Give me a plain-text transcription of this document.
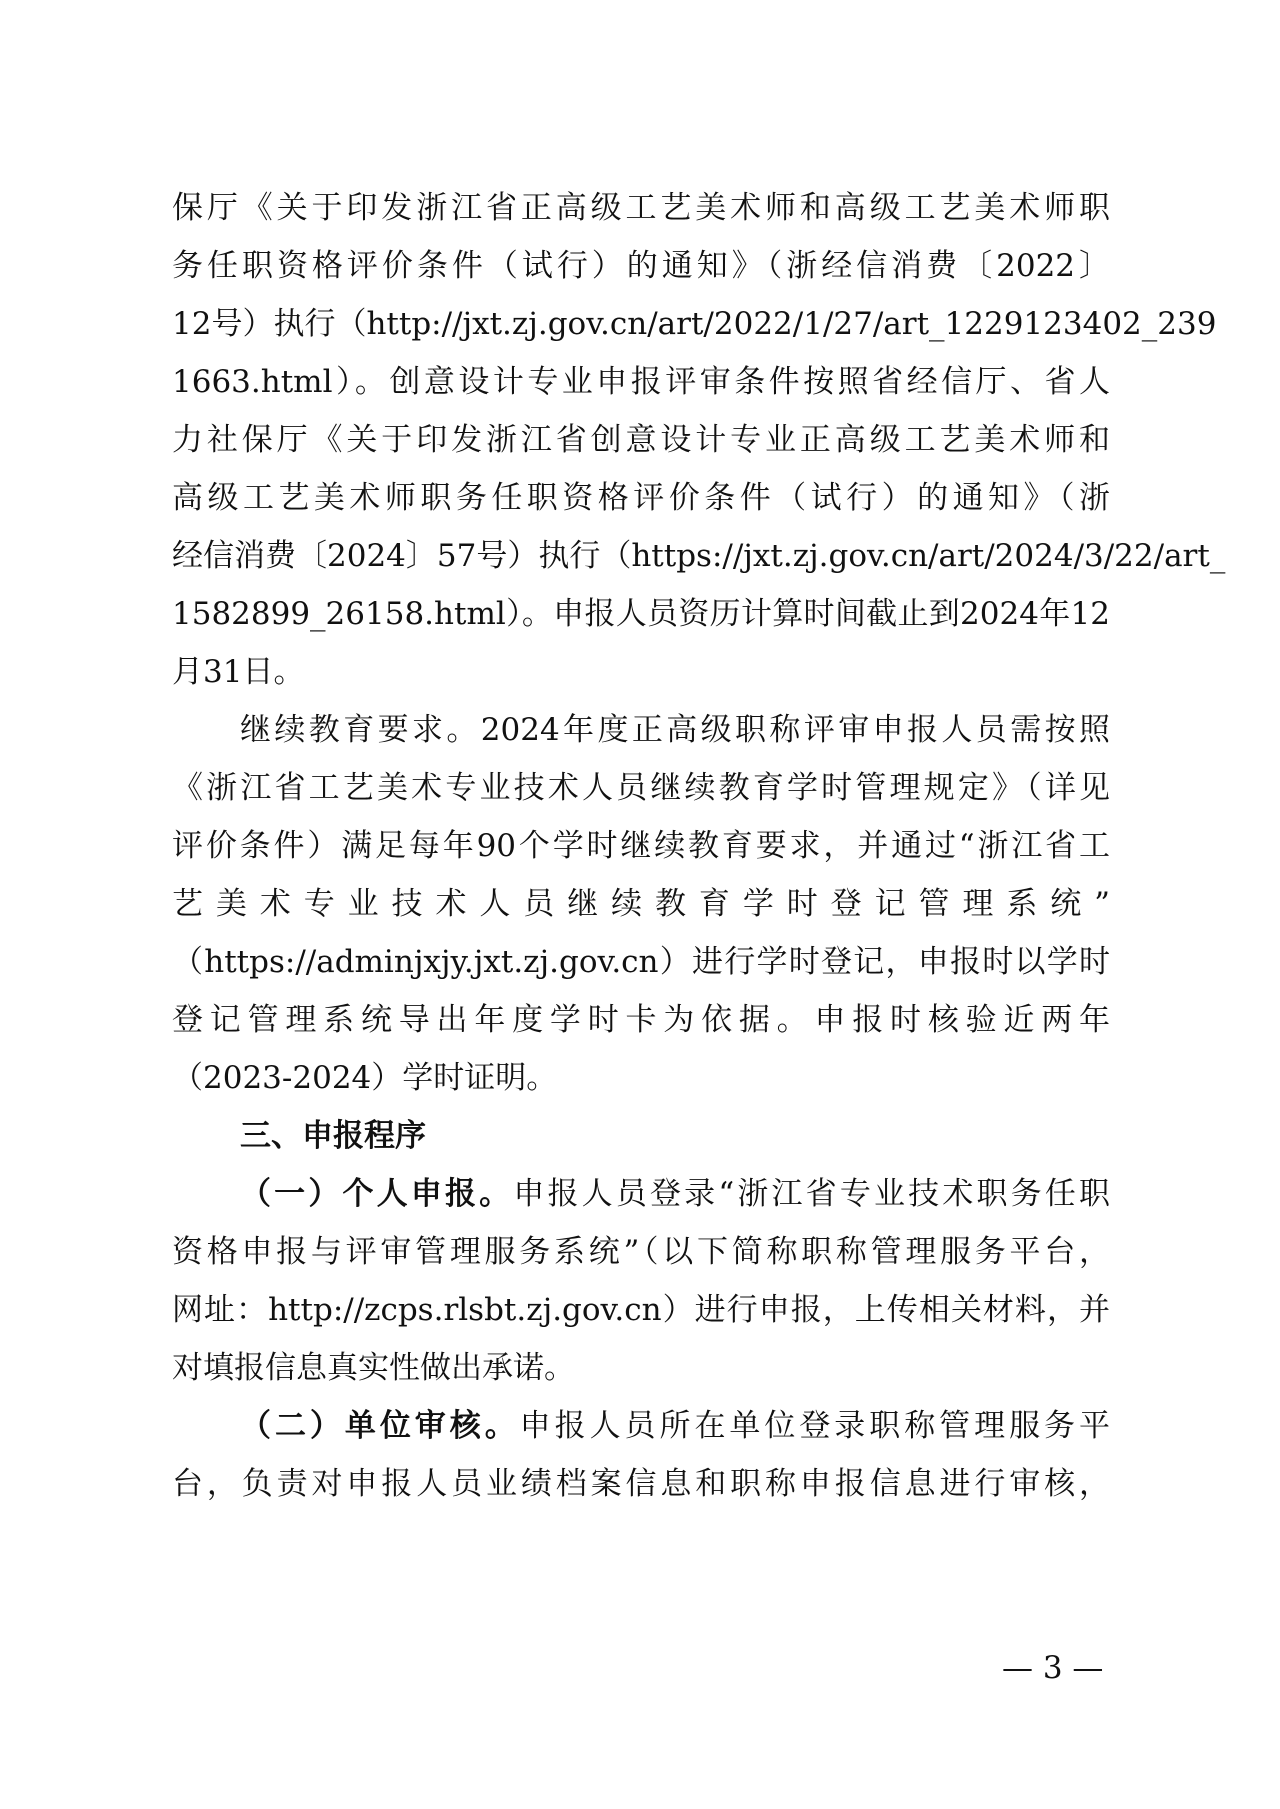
保厅《关于印发浙江省正高级工艺美术师和高级工艺美术师职
务任职资格评价条件（试行）的通知》（浙经信消费〔2022〕
12号）执行（http://jxt.zj.gov.cn/art/2022/1/27/art_1229123402_239
1663.html）。创意设计专业申报评审条件按照省经信厅、省人
力社保厅《关于印发浙江省创意设计专业正高级工艺美术师和
高级工艺美术师职务任职资格评价条件（试行）的通知》（浙
经信消费〔2024〕57号）执行（https://jxt.zj.gov.cn/art/2024/3/22/art_
1582899_26158.html）。申报人员资历计算时间截止到2024年12
月31日。
继续教育要求。2024年度正高级职称评审申报人员需按照
《浙江省工艺美术专业技术人员继续教育学时管理规定》（详见
评价条件）满足每年90个学时继续教育要求，并通过“浙江省工
艺美术专业技术人员继续教育学时登记管理系统”
（https://adminjxjy.jxt.zj.gov.cn）进行学时登记，申报时以学时
登记管理系统导出年度学时卡为依据。申报时核验近两年
（2023-2024）学时证明。
三、申报程序
（一）个人申报。申报人员登录“浙江省专业技术职务任职
资格申报与评审管理服务系统”（以下简称职称管理服务平台，
网址：http://zcps.rlsbt.zj.gov.cn）进行申报，上传相关材料，并
对填报信息真实性做出承诺。
（二）单位审核。申报人员所在单位登录职称管理服务平
台，负责对申报人员业绩档案信息和职称申报信息进行审核，
— 3 —
